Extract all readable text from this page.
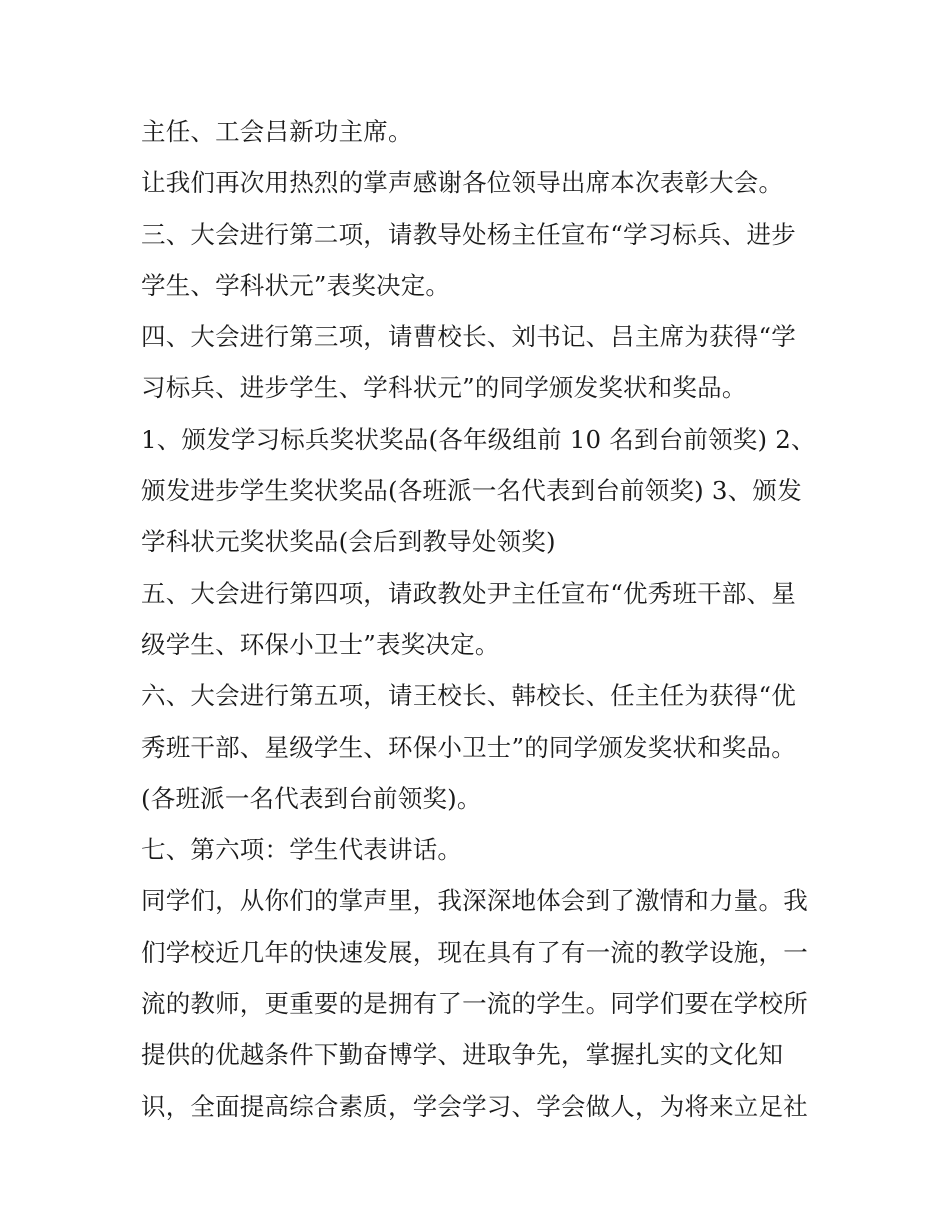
主任、工会吕新功主席。
让我们再次用热烈的掌声感谢各位领导出席本次表彰大会。
三、大会进行第二项，请教导处杨主任宣布“学习标兵、进步
学生、学科状元”表奖决定。
四、大会进行第三项，请曹校长、刘书记、吕主席为获得“学
习标兵、进步学生、学科状元”的同学颁发奖状和奖品。
1、颁发学习标兵奖状奖品(各年级组前 10 名到台前领奖) 2、
颁发进步学生奖状奖品(各班派一名代表到台前领奖) 3、颁发
学科状元奖状奖品(会后到教导处领奖)
五、大会进行第四项，请政教处尹主任宣布“优秀班干部、星
级学生、环保小卫士”表奖决定。
六、大会进行第五项，请王校长、韩校长、任主任为获得“优
秀班干部、星级学生、环保小卫士”的同学颁发奖状和奖品。
(各班派一名代表到台前领奖)。
七、第六项：学生代表讲话。
同学们，从你们的掌声里，我深深地体会到了激情和力量。我
们学校近几年的快速发展，现在具有了有一流的教学设施，一
流的教师，更重要的是拥有了一流的学生。同学们要在学校所
提供的优越条件下勤奋博学、进取争先，掌握扎实的文化知
识，全面提高综合素质，学会学习、学会做人，为将来立足社
